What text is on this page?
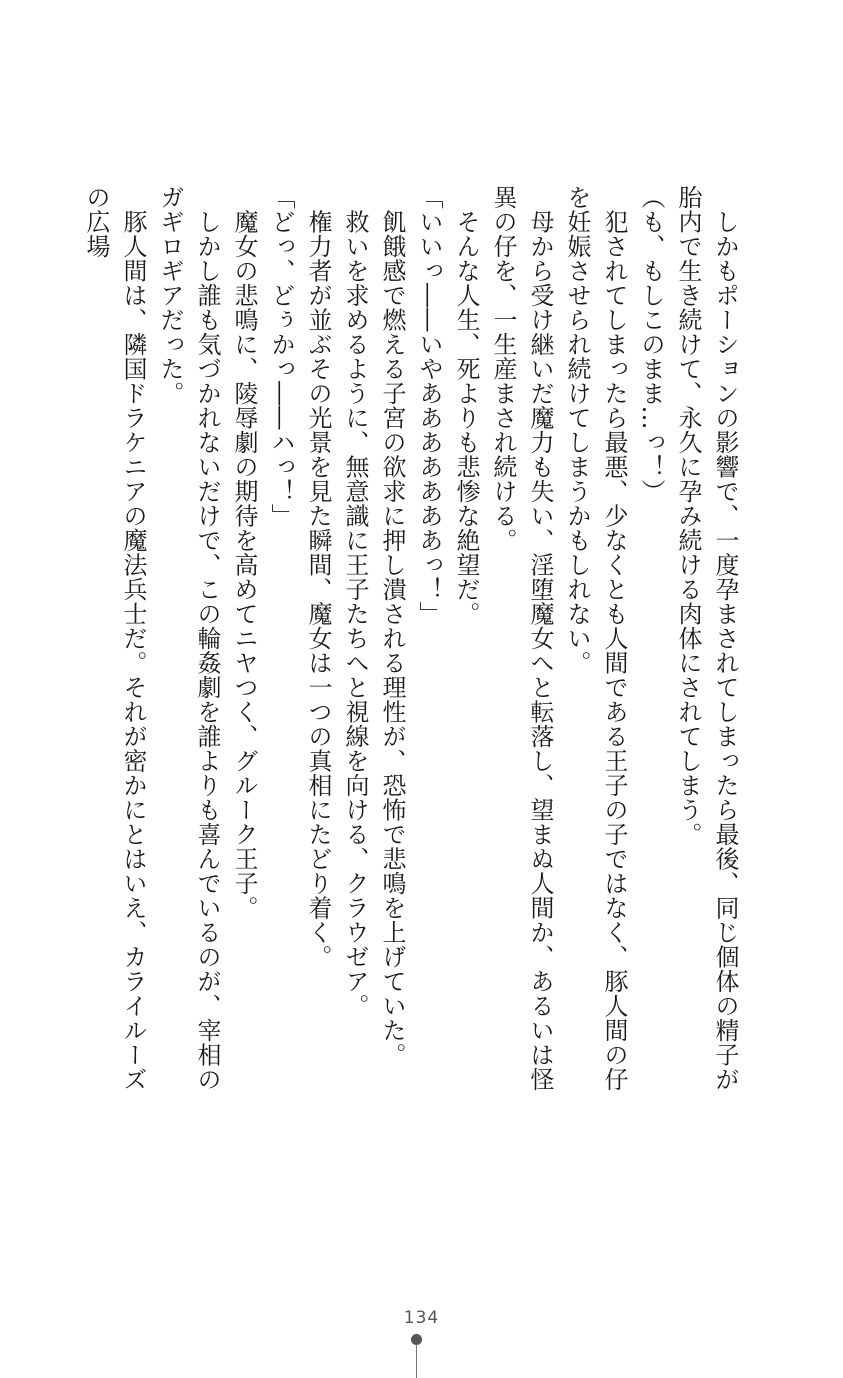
　しかもポーションの影響で、一度孕まされてしまったら最後、同じ個体の精子が胎内で生き続けて、永久に孕み続ける肉体にされてしまう。

（も、もしこのまま…っ！）

　犯されてしまったら最悪、少なくとも人間である王子の子ではなく、豚人間の仔を妊娠させられ続けてしまうかもしれない。

　母から受け継いだ魔力も失い、淫堕魔女へと転落し、望まぬ人間か、あるいは怪異の仔を、一生産まされ続ける。

　そんな人生、死よりも悲惨な絶望だ。

「いいっ――いやあああああああっ！」

　飢餓感で燃える子宮の欲求に押し潰される理性が、恐怖で悲鳴を上げていた。

　救いを求めるように、無意識に王子たちへと視線を向ける、クラウゼア。

　権力者が並ぶその光景を見た瞬間、魔女は一つの真相にたどり着く。

「どっ、どぅかっ――ハっ！」

　魔女の悲鳴に、陵辱劇の期待を高めてニヤつく、グルーク王子。

　しかし誰も気づかれないだけで、この輪姦劇を誰よりも喜んでいるのが、宰相のガギロギアだった。

　豚人間は、隣国ドラケニアの魔法兵士だ。それが密かにとはいえ、カライルーズの広場

134
